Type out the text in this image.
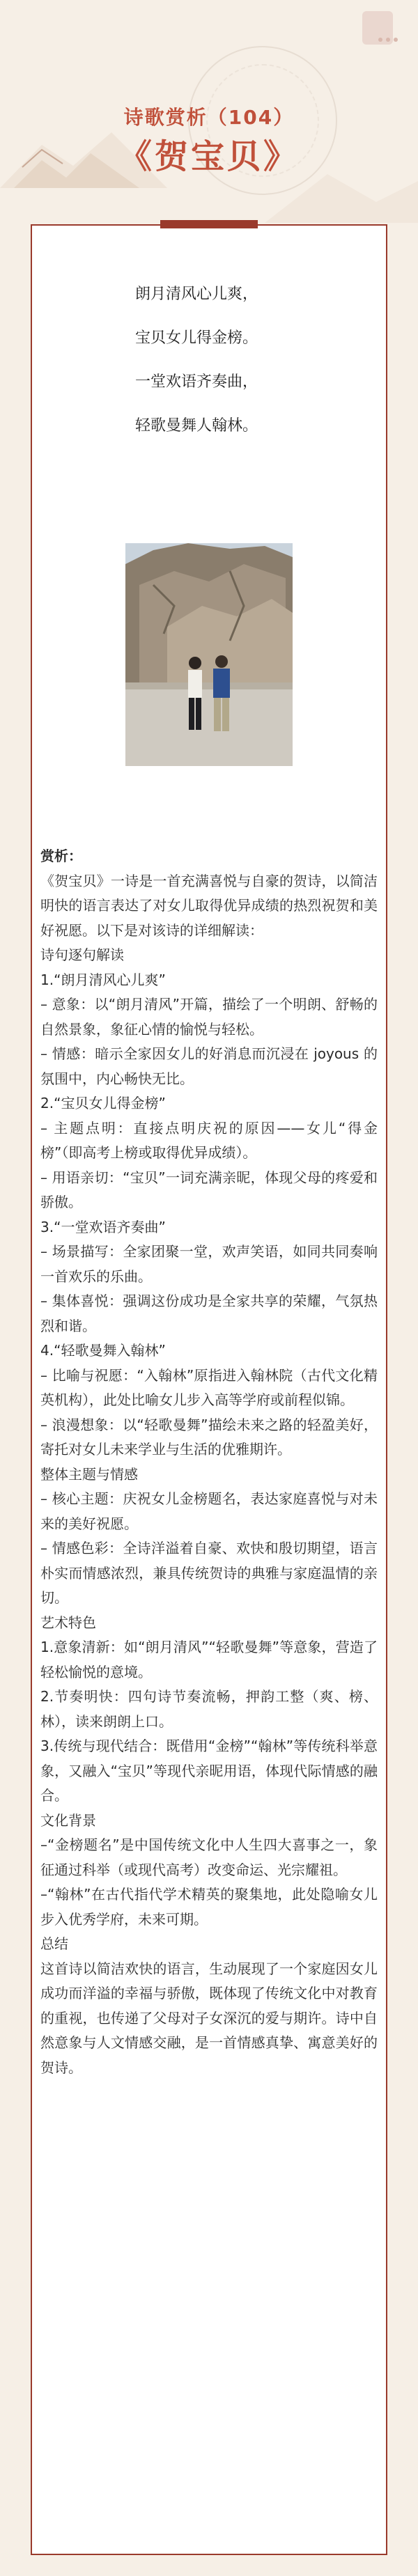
诗歌赏析（104）
《贺宝贝》
朗月清风心儿爽，
宝贝女儿得金榜。
一堂欢语齐奏曲，
轻歌曼舞人翰林。

赏析：

《贺宝贝》一诗是一首充满喜悦与自豪的贺诗，以简洁明快的语言表达了对女儿取得优异成绩的热烈祝贺和美好祝愿。以下是对该诗的详细解读：

诗句逐句解读

1.“朗月清风心儿爽”

– 意象：以“朗月清风”开篇，描绘了一个明朗、舒畅的自然景象，象征心情的愉悦与轻松。

– 情感：暗示全家因女儿的好消息而沉浸在 joyous 的氛围中，内心畅快无比。

2.“宝贝女儿得金榜”

– 主题点明：直接点明庆祝的原因——女儿“得金榜”（即高考上榜或取得优异成绩）。

– 用语亲切：“宝贝”一词充满亲昵，体现父母的疼爱和骄傲。

3.“一堂欢语齐奏曲”

– 场景描写：全家团聚一堂，欢声笑语，如同共同奏响一首欢乐的乐曲。

– 集体喜悦：强调这份成功是全家共享的荣耀，气氛热烈和谐。

4.“轻歌曼舞入翰林”

– 比喻与祝愿：“入翰林”原指进入翰林院（古代文化精英机构），此处比喻女儿步入高等学府或前程似锦。

– 浪漫想象：以“轻歌曼舞”描绘未来之路的轻盈美好，寄托对女儿未来学业与生活的优雅期许。

整体主题与情感

– 核心主题：庆祝女儿金榜题名，表达家庭喜悦与对未来的美好祝愿。

– 情感色彩：全诗洋溢着自豪、欢快和殷切期望，语言朴实而情感浓烈，兼具传统贺诗的典雅与家庭温情的亲切。

艺术特色

1.意象清新：如“朗月清风”“轻歌曼舞”等意象，营造了轻松愉悦的意境。

2.节奏明快：四句诗节奏流畅，押韵工整（爽、榜、林），读来朗朗上口。

3.传统与现代结合：既借用“金榜”“翰林”等传统科举意象，又融入“宝贝”等现代亲昵用语，体现代际情感的融合。

文化背景

–“金榜题名”是中国传统文化中人生四大喜事之一，象征通过科举（或现代高考）改变命运、光宗耀祖。

–“翰林”在古代指代学术精英的聚集地，此处隐喻女儿步入优秀学府，未来可期。

总结

这首诗以简洁欢快的语言，生动展现了一个家庭因女儿成功而洋溢的幸福与骄傲，既体现了传统文化中对教育的重视，也传递了父母对子女深沉的爱与期许。诗中自然意象与人文情感交融，是一首情感真挚、寓意美好的贺诗。
